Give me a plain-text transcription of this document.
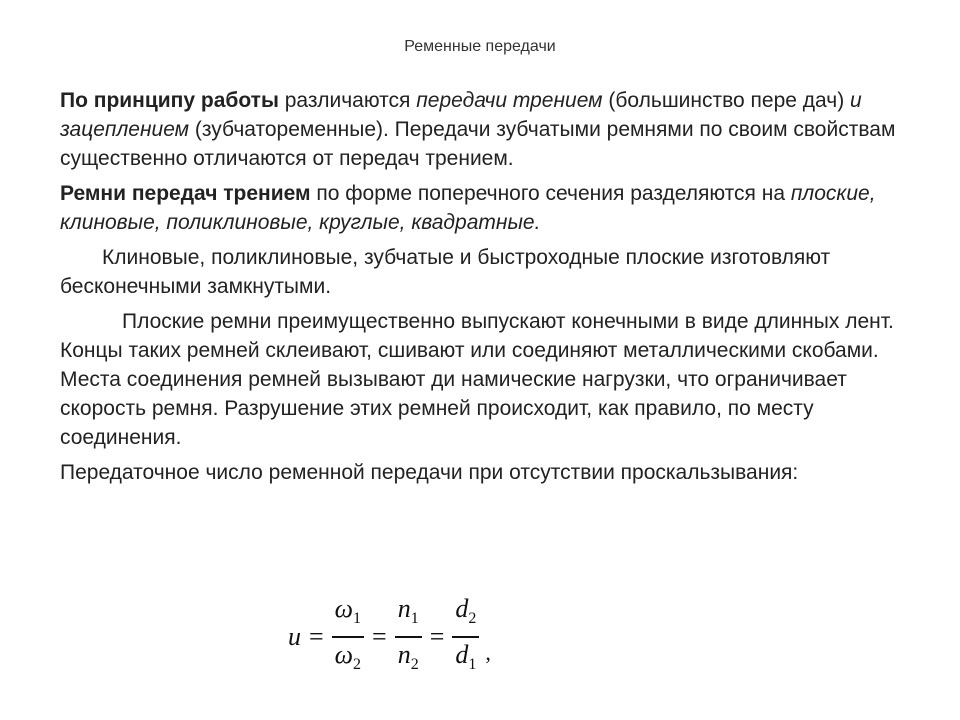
Ременные передачи

По принципу работы различаются передачи трением (большинство пере дач) и зацеплением (зубчатоременные). Передачи зубчатыми ремнями по своим свойствам существенно отличаются от передач трением.

Ремни передач трением по форме поперечного сечения разделяются на плоские, клиновые, поликлиновые, круглые, квадратные.

Клиновые, поликлиновые, зубчатые и быстроходные плоские изготовляют бесконечными замкнутыми.

Плоские ремни преимущественно выпускают конечными в виде длинных лент. Концы таких ремней склеивают, сшивают или соединяют металлическими скобами. Места соединения ремней вызывают ди намические нагрузки, что ограничивает скорость ремня. Разрушение этих ремней происходит, как правило, по месту соединения.

Передаточное число ременной передачи при отсутствии проскальзывания:

$u = \frac{\omega_1}{\omega_2} = \frac{n_1}{n_2} = \frac{d_2}{d_1}$ ,
